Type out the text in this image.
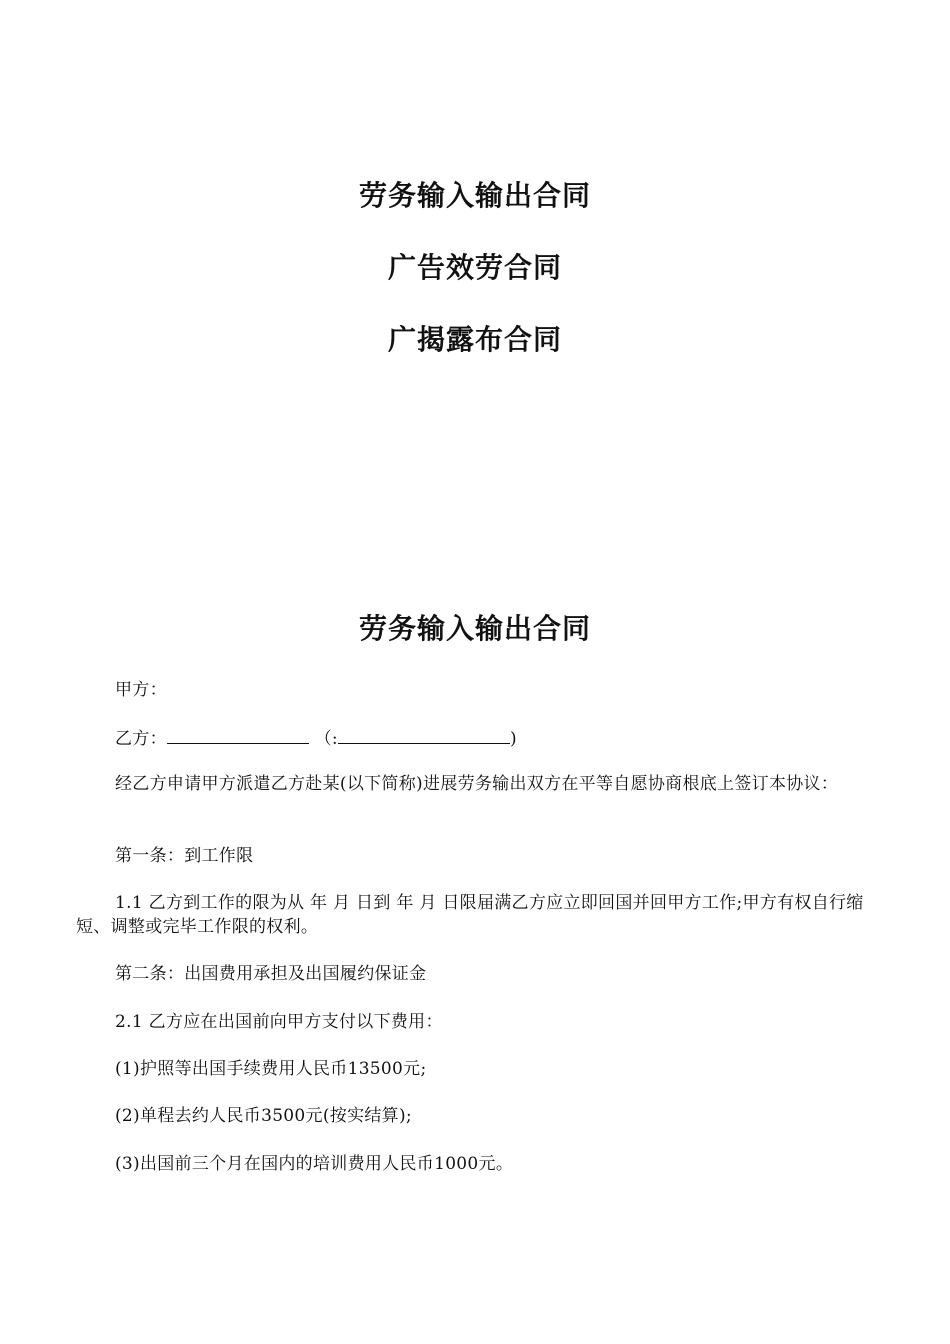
劳务输入输出合同
广告效劳合同
广揭露布合同
劳务输入输出合同

甲方：

乙方：	（:	)

经乙方申请甲方派遣乙方赴某(以下简称)进展劳务输出双方在平等自愿协商根底上签订本协议：

第一条：到工作限

1.1 乙方到工作的限为从 年 月 日到 年 月 日限届满乙方应立即回国并回甲方工作;甲方有权自行缩短、调整或完毕工作限的权利。

第二条：出国费用承担及出国履约保证金

2.1 乙方应在出国前向甲方支付以下费用：

(1)护照等出国手续费用人民币13500元;

(2)单程去约人民币3500元(按实结算);

(3)出国前三个月在国内的培训费用人民币1000元。
